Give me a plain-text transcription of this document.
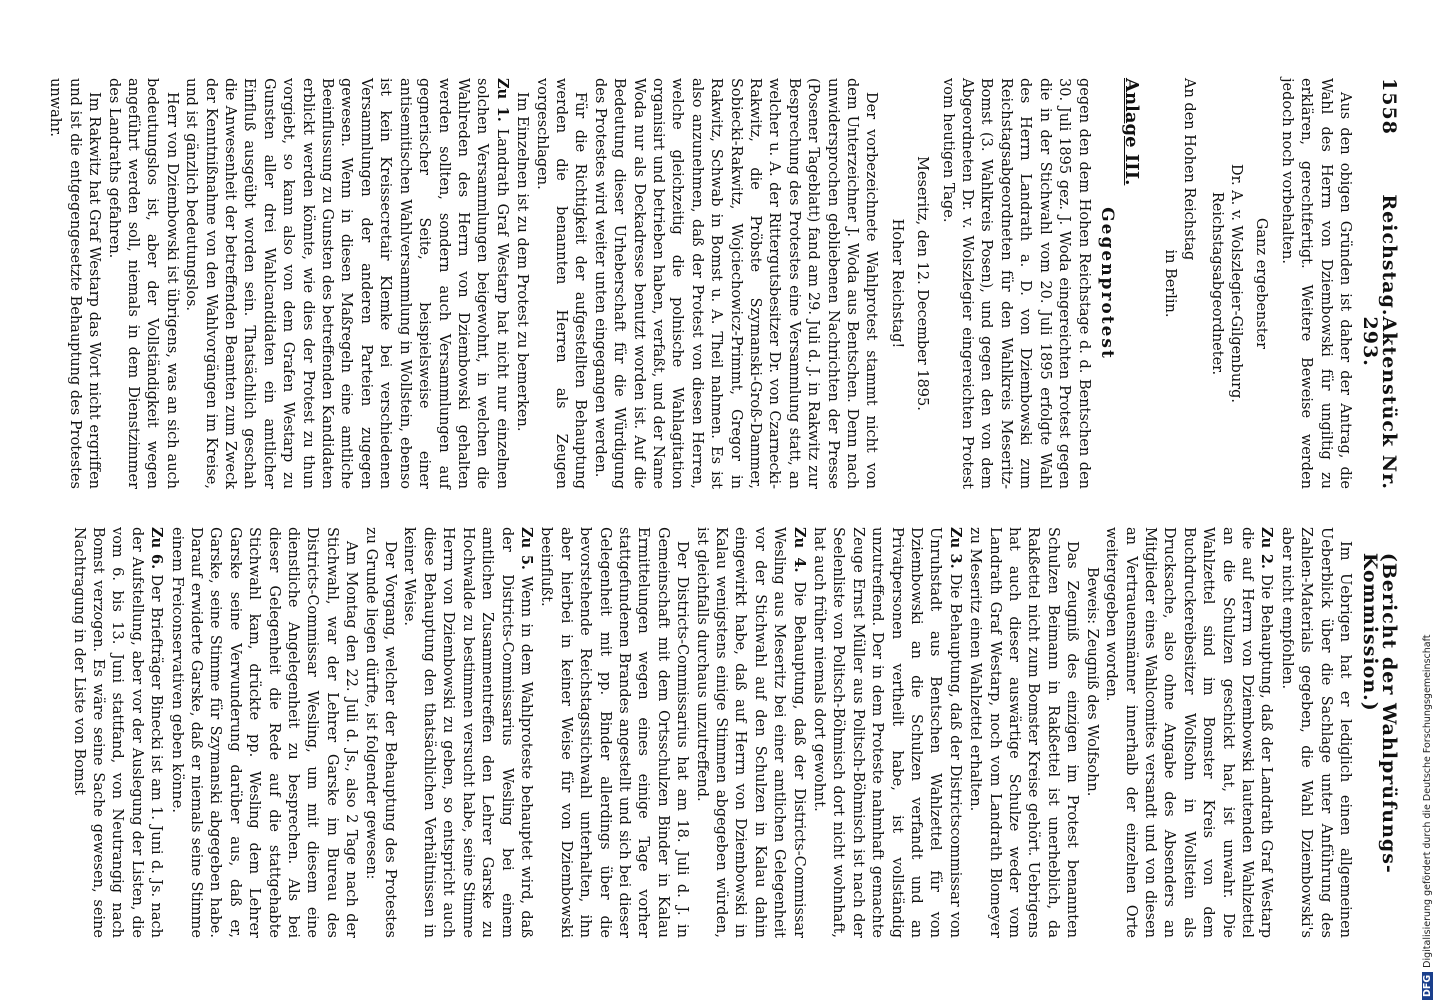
1558
Reichstag.
Aktenstück Nr. 293.
(Bericht der Wahlprüfungs-Kommission.)

Aus den obigen Gründen ist daher der Antrag, die Wahl des Herrn von Dziembowski für ungiltig zu erklären, gerechtfertigt. Weitere Beweise werden jedoch noch vorbehalten.

Ganz ergebenster
Dr. A. v. Wolszlegier-Gilgenburg.
Reichstagsabgeordneter.
An den Hohen Reichstag
in Berlin.
Anlage III.
Gegenprotest
gegen den dem Hohen Reichstage d. d. Bentschen den 30. Juli 1895 gez. J. Woda eingereichten Protest gegen die in der Stichwahl vom 20. Juli 1895 erfolgte Wahl des Herrn Landrath a. D. von Dziembowski zum Reichstagsabgeordneten für den Wahlkreis Meseritz-Bomst (3. Wahlkreis Posen), und gegen den von dem Abgeordneten Dr. v. Wolszlegier eingereichten Protest vom heutigen Tage.
Meseritz, den 12. December 1895.
Hoher Reichstag!

Der vorbezeichnete Wahlprotest stammt nicht von dem Unterzeichner J. Woda aus Bentschen. Denn nach unwidersprochen gebliebenen Nachrichten der Presse (Posener Tageblatt) fand am 29. Juli d. J. in Rakwitz zur Besprechung des Protestes eine Versammlung statt, an welcher u. A. der Rittergutsbesitzer Dr. von Czarnecki-Rakwitz, die Pröbste Szymanski-Groß-Dammer, Sobiecki-Rakwitz, Wojciechowicz-Primmt, Gregor in Rakwitz, Schwab in Bomst u. A. Theil nahmen. Es ist also anzunehmen, daß der Protest von diesen Herren, welche gleichzeitig die polnische Wahlagitation organisirt und betrieben haben, verfaßt, und der Name Woda nur als Deckadresse benutzt worden ist. Auf die Bedeutung dieser Urheberschaft für die Würdigung des Protestes wird weiter unten eingegangen werden.

Für die Richtigkeit der aufgestellten Behauptung werden die benannten Herren als Zeugen vorgeschlagen.

Im Einzelnen ist zu dem Protest zu bemerken.

Zu 1. Landrath Graf Westarp hat nicht nur einzelnen solchen Versammlungen beigewohnt, in welchen die Wahlreden des Herrn von Dziembowski gehalten werden sollten, sondern auch Versammlungen auf gegnerischer Seite, beispielsweise einer antisemitischen Wahlversammlung in Wollstein, ebenso ist kein Kreissecretair Klemke bei verschiedenen Versammlungen der anderen Parteien zugegen gewesen. Wenn in diesen Maßregeln eine amtliche Beeinflussung zu Gunsten des betreffenden Kandidaten erblickt werden könnte, wie dies der Protest zu thun vorgiebt, so kann also von dem Grafen Westarp zu Gunsten aller drei Wahlcandidaten ein amtlicher Einfluß ausgeübt worden sein. Thatsächlich geschah die Anwesenheit der betreffenden Beamten zum Zweck der Kenntnißnahme von den Wahlvorgängen im Kreise, und ist gänzlich bedeutungslos.

Herr von Dziembowski ist übrigens, was an sich auch bedeutungslos ist, aber der Vollständigkeit wegen angeführt werden soll, niemals in dem Dienstzimmer des Landraths gefahren.

Im Rakwitz hat Graf Westarp das Wort nicht ergriffen und ist die entgegengesetzte Behauptung des Protestes unwahr.

Im Uebrigen hat er lediglich einen allgemeinen Ueberblick über die Sachlage unter Anführung des Zahlen-Materials gegeben, die Wahl Dziembowski's aber nicht empfohlen.

Zu 2. Die Behauptung, daß der Landrath Graf Westarp die auf Herrn von Dziembowski lautenden Wahlzettel an die Schulzen geschickt hat, ist unwahr. Die Wahlzettel sind im Bomster Kreis von dem Buchdruckereibesitzer Wolfsohn in Wollstein als Drucksache, also ohne Angabe des Absenders an Mitglieder eines Wahlcomites versandt und von diesen an Vertrauensmänner innerhalb der einzelnen Orte weitergegeben worden.

Beweis: Zeugniß des Wolfsohn.

Das Zeugniß des einzigen im Protest benannten Schulzen Beimann in Rakßettel ist unerheblich, da Rakßettel nicht zum Bomster Kreise gehört. Uebrigens hat auch dieser auswärtige Schulze weder vom Landrath Graf Westarp, noch vom Landrath Blomeyer zu Meseritz einen Wahlzettel erhalten.

Zu 3. Die Behauptung, daß der Districtscommissar von Unruhstadt aus Bentschen Wahlzettel für von Dziembowski an die Schulzen verfandt und an Privatpersonen vertheilt habe, ist vollständig unzutreffend. Der in dem Proteste nahmhaft gemachte Zeuge Ernst Müller aus Politsch-Böhmisch ist nach der Seelenliste von Politsch-Böhmisch dort nicht wohnhaft, hat auch früher niemals dort gewohnt.

Zu 4. Die Behauptung, daß der Districts-Commissar Wesling aus Meseritz bei einer amtlichen Gelegenheit vor der Stichwahl auf den Schulzen in Kalau dahin eingewirkt habe, daß auf Herrn von Dziembowski in Kalau wenigstens einige Stimmen abgegeben würden, ist gleichfalls durchaus unzutreffend.

Der Districts-Commissarius hat am 18. Juli d. J. in Gemeinschaft mit dem Ortsschulzen Binder in Kalau Ermittelungen wegen eines einige Tage vorher stattgefundenen Brandes angestellt und sich bei dieser Gelegenheit mit pp. Binder allerdings über die bevorstehende Reichstagsstichwahl unterhalten, ihn aber hierbei in keiner Weise für von Dziembowski beeinflußt.

Zu 5. Wenn in dem Wahlproteste behauptet wird, daß der Districts-Commissarius Wesling bei einem amtlichen Zusammentreffen den Lehrer Garske zu Hochwalde zu bestimmen versucht habe, seine Stimme Herrn von Dziembowski zu geben, so entspricht auch diese Behauptung den thatsächlichen Verhältnissen in keiner Weise.

Der Vorgang, welcher der Behauptung des Protestes zu Grunde liegen dürfte, ist folgender gewesen:

Am Montag den 22. Juli d. Js., also 2 Tage nach der Stichwahl, war der Lehrer Garske im Bureau des Districts-Commissar Wesling, um mit diesem eine dienstliche Angelegenheit zu besprechen. Als bei dieser Gelegenheit die Rede auf die stattgehabte Stichwahl kam, drückte pp. Wesling dem Lehrer Garske seine Verwunderung darüber aus, daß er, Garske, seine Stimme für Szymanski abgegeben habe. Darauf erwiderte Garske, daß er niemals seine Stimme einem Freiconservativen geben könne.

Zu 6. Der Briefträger Binecki ist am 1. Juni d. Js. nach der Aufstellung, aber vor der Auslegung der Listen, die vom 6. bis 13. Juni stattfand, von Neutrangig nach Bomst verzogen. Es wäre seine Sache gewesen, seine Nachtragung in der Liste von Bomst

DFGDigitalisierung gefördert durch die Deutsche Forschungsgemeinschaft
